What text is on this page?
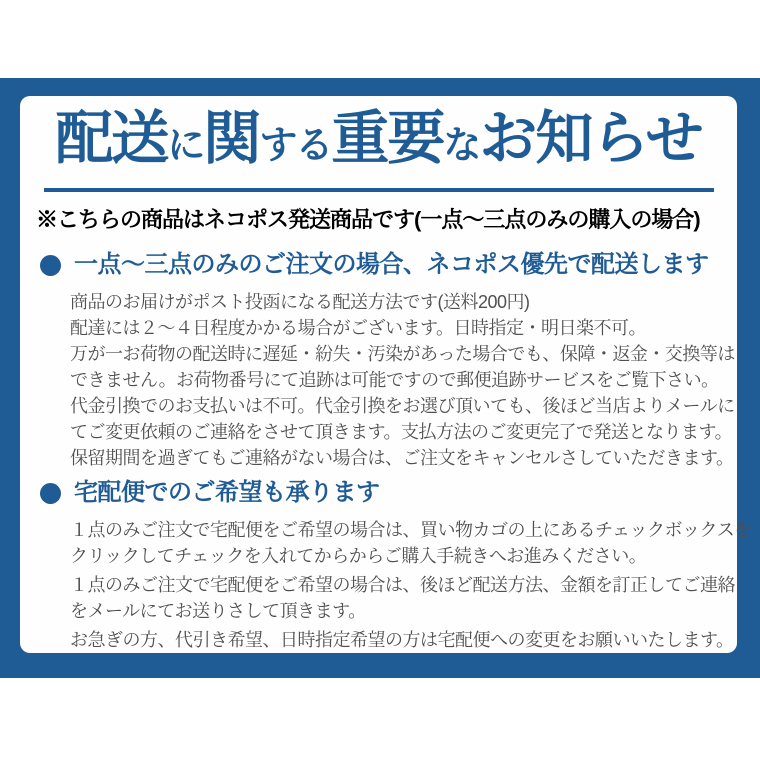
配送に関する重要なお知らせ

※こちらの商品はネコポス発送商品です(一点〜三点のみの購入の場合)

一点〜三点のみのご注文の場合、ネコポス優先で配送します
商品のお届けがポスト投函になる配送方法です(送料200円)
配達には２〜４日程度かかる場合がございます。日時指定・明日楽不可。
万が一お荷物の配送時に遅延・紛失・汚染があった場合でも、保障・返金・交換等は
できません。お荷物番号にて追跡は可能ですので郵便追跡サービスをご覧下さい。
代金引換でのお支払いは不可。代金引換をお選び頂いても、後ほど当店よりメールに
てご変更依頼のご連絡をさせて頂きます。支払方法のご変更完了で発送となります。
保留期間を過ぎてもご連絡がない場合は、ご注文をキャンセルさしていただきます。
宅配便でのご希望も承ります
１点のみご注文で宅配便をご希望の場合は、買い物カゴの上にあるチェックボックスを
クリックしてチェックを入れてからからご購入手続きへお進みください。
１点のみご注文で宅配便をご希望の場合は、後ほど配送方法、金額を訂正してご連絡
をメールにてお送りさして頂きます。
お急ぎの方、代引き希望、日時指定希望の方は宅配便への変更をお願いいたします。
